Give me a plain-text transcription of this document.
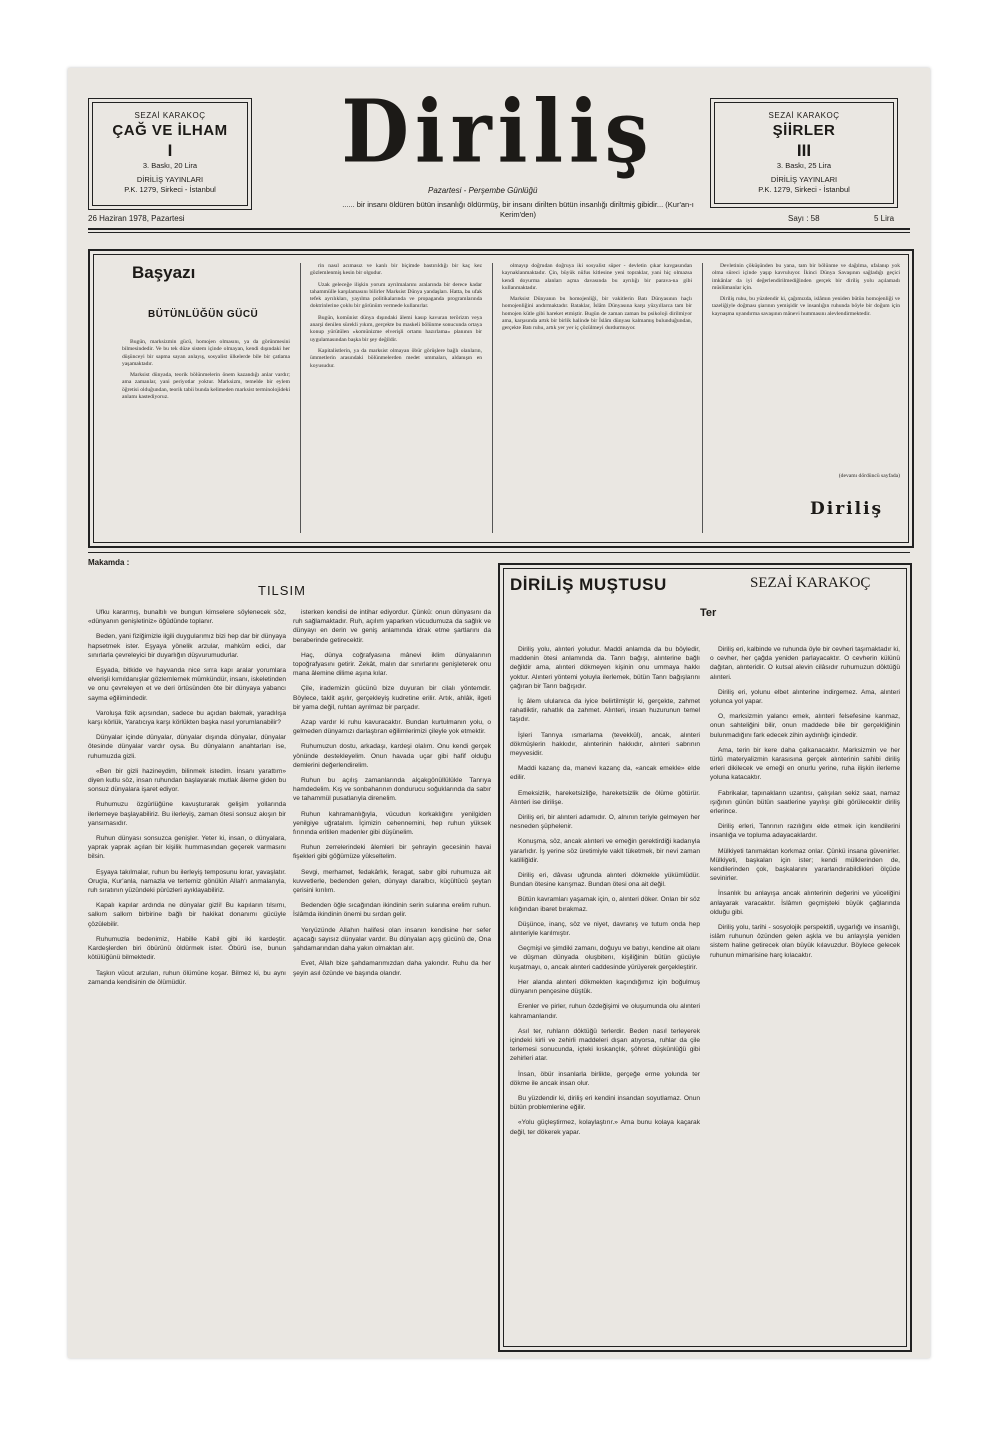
SEZAİ KARAKOÇ
ÇAĞ VE İLHAM
I
3. Baskı, 20 Lira
DİRİLİŞ YAYINLARI
P.K. 1279, Sirkeci - İstanbul
Diriliş
Pazartesi - Perşembe Günlüğü
...... bir insanı öldüren bütün insanlığı öldürmüş, bir insanı dirilten bütün insanlığı diriltmiş gibidir... (Kur'an-ı Kerim'den)
SEZAİ KARAKOÇ
ŞİİRLER
III
3. Baskı, 25 Lira
DİRİLİŞ YAYINLARI
P.K. 1279, Sirkeci - İstanbul
26 Haziran 1978, Pazartesi	Sayı : 58	5 Lira
Başyazı
BÜTÜNLÜĞÜN GÜCÜ

Bugün, marksizmin gücü, homojen olmasını, ya da görünmesini bilmesindedir. Ve bu tek düze sistem içinde olmayan, kendi dışındaki her düşünceyi bir sapma sayan anlayış, sosyalist ülkelerde bile bir çatlama yaşamaktadır.

Marksist dünyada, teorik bölünmelerin önem kazandığı anlar vardır; ama zamanlar, yani periyotlar yoktur. Marksizm, temelde bir eylem öğretisi olduğundan, teorik tabii bunda kelimeden marksist terminolojideki anlamı kastediyoruz.

rin nasıl acımasız ve kanlı bir biçimde bastırıldığı bir kaç kez gözlemlenmiş kesin bir olgudur.

Uzak geleceğe ilişkin yorum ayrılmalarını aralarında bir derece kadar tahammülle karşılamasını bilirler Marksist Dünya yandaşları. Hatta, bu ufak tefek ayrılıkları, yayılma politikalarında ve propaganda programlarında doktrinlerine çoklu bir görünüm vermede kullanırlar.

Bugün, komünist dünya dışındaki âlemi kasıp kavuran terörizm veya anarşi denilen sürekli yıkım, gerçekte bu maskeli bölünme sonucunda ortaya konup yürütülen «komünizme elverişli ortamı hazırlama» planının bir uygulamasından başka bir şey değildir.

Kapitalistlerin, ya da marksist olmayan öbür görüşlere bağlı olanların, ümmetlerin arasındaki bölünmelerden medet ummaları, aldanışın en koyusudur.

olmayıp doğrudan doğruya iki sosyalist süper - devletin çıkar kavgasından kaynaklanmaktadır. Çin, büyük nüfus kitlesine yeni topraklar, yani hiç olmazsa kendi doyurma alanları açma davasında bu ayrılığı bir parava-na gibi kullanmaktadır.

Marksist Dünyanın bu homojenliği, bir vakitlerin Batı Dünyasının haçlı homojenliğini andırmaktadır. Bataklar, İslâm Dünyasına karşı yüzyıllarca tam bir homojen kütle gibi hareket etmiştir. Bugün de zaman zaman bu psikoloji dirilmiyor ama, karşısında artık bir birlik halinde bir İslâm dünyası kalmamış bulunduğundan, gerçekte Batı ruhu, artık yer yer iç çözülmeyi durdurmuyor.

Devletinin çöküşünden bu yana, tam bir bölünme ve dağılma, ufalanıp yok olma süreci içinde yaşıp kavruluyor. İkinci Dünya Savaşının sağladığı geçici imkânlar da iyi değerlendirilmediğinden gerçek bir diriliş yolu açılamadı müslümanlar için.

Diriliş ruhu, bu yüzdendir ki, çağımızda, islâmın yeniden bütün homojenliği ve tazeliğiyle doğması şiarının yemişidir ve insanlığın ruhunda böyle bir doğum için kaynaşma uyandırma savaşının mânevi hummasını alevlendirmektedir.

(devamı dördüncü sayfada)
Diriliş
Makamda :
TILSIM

Ufku kararmış, bunaltılı ve bungun kimselere söylenecek söz, «dünyanın genişletiniz» öğüdünde toplanır.

Beden, yani fiziğimizle ilgili duygularımız bizi hep dar bir dünyaya hapsetmek ister. Eşyaya yönelik arzular, mahkûm edici, dar sınırlarla çevreleyici bir duyarlığın düşvurumudurlar.

Eşyada, bitkide ve hayvanda nice sırra kapı aralar yorumlara elverişli kımıldanışlar gözlemlemek mümkündür, insanı, iskeletinden ve onu çevreleyen et ve deri örtüsünden öte bir dünyaya yabancı sayma eğilimindedir.

Varoluşa fizik açısından, sadece bu açıdan bakmak, yaradılışa karşı körlük, Yaratıcıya karşı körlükten başka nasıl yorumlanabilir?

Dünyalar içinde dünyalar, dünyalar dışında dünyalar, dünyalar ötesinde dünyalar vardır oysa. Bu dünyaların anahtarları ise, ruhumuzda gizli.

«Ben bir gizli hazineydim, bilinmek istedim. İnsanı yarattım» diyen kutlu söz, insan ruhundan başlayarak mutlak âleme giden bu sonsuz dünyalara işaret ediyor.

Ruhumuzu özgürlüğüne kavuşturarak gelişim yollarında ilerlemeye başlayabiliriz. Bu ilerleyiş, zaman ötesi sonsuz akışın bir yansımasıdır.

Ruhun dünyası sonsuzca genişler. Yeter ki, insan, o dünyalara, yaprak yaprak açılan bir kişilik hummasından geçerek varmasını bilsin.

Eşyaya takılmalar, ruhun bu ilerleyiş temposunu kırar, yavaşlatır. Oruçla, Kur'anla, namazla ve tertemiz gönülün Allah'ı anmalarıyla, ruh sıratının yüzündeki pürüzleri ayıklayabiliriz.

Kapalı kapılar ardında ne dünyalar gizli! Bu kapıların tılsımı, salkım salkım birbirine bağlı bir hakikat donanımı gücüyle çözülebilir.

Ruhumuzla bedenimiz, Habille Kabil gibi iki kardeştir. Kardeşlerden biri öbürünü öldürmek ister. Öbürü ise, bunun kötülüğünü bilmektedir.

Taşkın vücut arzuları, ruhun ölümüne koşar. Bilmez ki, bu aynı zamanda kendisinin de ölümüdür.

isterken kendisi de intihar ediyordur. Çünkü: onun dünyasını da ruh sağlamaktadır. Ruh, açılım yaparken vücudumuza da sağlık ve dünyayı en derin ve geniş anlamında idrak etme şartlarını da beraberinde getirecektir.

Haç, dünya coğrafyasına mânevi iklim dünyalarının topoğrafyasını getirir. Zekât, malın dar sınırlarını genişleterek onu mana âlemine dilime aşına kılar.

Çile, irademizin gücünü bize duyuran bir cilalı yöntemdir. Böylece, taklit aşılır, gerçekleyiş kudretine erilir. Artık, ahlâk, ilgeti bir yama değil, ruhtan ayrılmaz bir parçadır.

Azap vardır ki ruhu kavuracaktır. Bundan kurtulmanın yolu, o gelmeden dünyamızı darlaştıran eğilimlerimizi çileyle yok etmektir.

Ruhumuzun dostu, arkadaşı, kardeşi olalım. Onu kendi gerçek yönünde destekleyelim. Onun havada uçar gibi hafif olduğu demlerini değerlendirelim.

Ruhun bu açılış zamanlarında alçakgönüllülükle Tanrıya hamdedelim. Kış ve sonbaharının dondurucu soğuklarında da sabır ve tahammül pusatlarıyla direnelim.

Ruhun kahramanlığıyla, vücudun korkaklığını yenilgiden yenilgiye uğratalım. İçimizin cehennemini, hep ruhun yüksek fırınında eritilen madenler gibi düşünelim.

Ruhun zerrelerindeki âlemleri bir şehrayin gecesinin havai fişekleri gibi göğümüze yükseltelim.

Sevgi, merhamet, fedakârlık, feragat, sabır gibi ruhumuza ait kuvvetlerle, bedenden gelen, dünyayı daraltıcı, küçültücü şeytan çerisini kırılım.

Bedenden öğle sıcağından ikindinin serin sularına erelim ruhun. İslâmda ikindinin önemi bu sırdan gelir.

Yeryüzünde Allahın halifesi olan insanın kendisine her sefer açacağı sayısız dünyalar vardır. Bu dünyaları açış gücünü de, Ona şahdamarından daha yakın olmaktan alır.

Evet, Allah bize şahdamarımızdan daha yakındır. Ruhu da her şeyin asıl özünde ve başında olandır.

DİRİLİŞ MUŞTUSU	SEZAİ KARAKOÇ
Ter

Diriliş yolu, alınteri yoludur. Maddi anlamda da bu böyledir, maddenin ötesi anlamında da. Tanrı bağışı, alınterine bağlı değildir ama, alınteri dökmeyen kişinin onu ummaya hakkı yoktur. Alınteri yöntemi yoluyla ilerlemek, bütün Tanrı bağışlarını çağıran bir Tanrı bağışıdır.

İç âlem ululanıca da iyice belirtilmiştir ki, gerçekte, zahmet rahatliktir, rahatlık da zahmet. Alınteri, insan huzurunun temel taşıdır.

İşleri Tanrıya ısmarlama (tevekkül), ancak, alınteri dökmüşlerin hakkıdır, alınterinin hakkıdır, alınteri sabrının meyvesidir.

Maddi kazanç da, manevi kazanç da, «ancak emekle» elde edilir.

Emeksizlik, hareketsizliğe, hareketsizlik de ölüme götürür. Alınteri ise dirilişe.

Diriliş eri, bir alınteri adamıdır. O, alnının teriyle gelmeyen her nesneden şüphelenir.

Konuşma, söz, ancak alınteri ve emeğin gerektirdiği kadarıyla yararlıdır. İş yerine söz üretimiyle vakit tüketmek, bir nevi zaman katilliğidir.

Diriliş eri, dâvası uğrunda alınteri dökmekle yükümlüdür. Bundan ötesine karışmaz. Bundan ötesi ona ait değil.

Bütün kavramları yaşamak için, o, alınteri döker. Onları bir söz kılığından ibaret bırakmaz.

Düşünce, inanç, söz ve niyet, davranış ve tutum onda hep alınteriyle karılmıştır.

Geçmişi ve şimdiki zamanı, doğuyu ve batıyı, kendine ait olanı ve düşman dünyada oluşbitenı, kişiliğinin bütün gücüyle kuşatmayı, o, ancak alınteri caddesinde yürüyerek gerçekleştirir.

Her alanda alınteri dökmekten kaçındığımız için boğulmuş dünyanın pençesine düştük.

Erenler ve pirler, ruhun özdeğişimi ve oluşumunda olu alınteri kahramanlarıdır.

Asıl ter, ruhların döktüğü terlerdir. Beden nasıl terleyerek içindeki kirli ve zehirli maddeleri dışarı atıyorsa, ruhlar da çile terlemesi sonucunda, içteki kıskançlık, şöhret düşkünlüğü gibi zehirleri atar.

İnsan, öbür insanlarla birlikte, gerçeğe erme yolunda ter dökme ile ancak insan olur.

Bu yüzdendir ki, diriliş eri kendini insandan soyutlamaz. Onun bütün problemlerine eğilir.

«Yolu güçleştirmez, kolaylaştırır.» Ama bunu kolaya kaçarak değil, ter dökerek yapar.

Diriliş eri, kalbinde ve ruhunda öyle bir cevheri taşımaktadır ki, o cevher, her çağda yeniden parlayacaktır. O cevherin külünü dağıtan, alınteridir. O kutsal alevin cilâsıdır ruhumuzun döktüğü alınteri.

Diriliş eri, yolunu elbet alınterine indirgemez. Ama, alınteri yolunca yol yapar.

O, marksizmin yalancı emek, alınteri felsefesine kanmaz, onun sahteliğini bilir, onun maddede bile bir gerçekliğinin bulunmadığını fark edecek zihin aydınlığı içindedir.

Ama, terin bir kere daha çalkanacaktır. Marksizmin ve her türlü materyalizmin karasısına gerçek alınterinin sahibi diriliş erleri dikilecek ve emeği en onurlu yerine, ruha ilişkin ilerleme yoluna katacaktır.

Fabrikalar, tapınakların uzantısı, çalışılan sekiz saat, namaz ışığının günün bütün saatlerine yayılışı gibi görülecektir diriliş erlerince.

Diriliş erleri, Tanrının razılığını elde etmek için kendilerini insanlığa ve topluma adayacaklardır.

Mülkiyeti tanımaktan korkmaz onlar. Çünkü insana güvenirler. Mülkiyeti, başkaları için ister; kendi mülklerinden de, kendilerinden çok, başkalarını yararlandırabildikleri ölçüde sevinirler.

İnsanlık bu anlayışa ancak alınterinin değerini ve yüceliğini anlayarak varacaktır. İslâmın geçmişteki büyük çağlarında olduğu gibi.

Diriliş yolu, tarihi - sosyolojik perspektifi, uygarlığı ve insanlığı, islâm ruhunun özünden gelen aşkla ve bu anlayışla yeniden sistem haline getirecek olan büyük kılavuzdur. Böylece gelecek ruhunun mimarisine harç kılacaktır.
